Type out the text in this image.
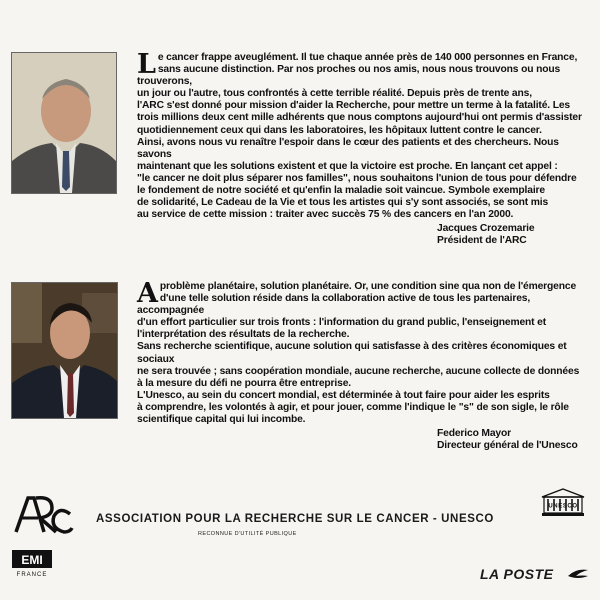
L e cancer frappe aveuglément. Il tue chaque année près de 140 000 personnes en France,
sans aucune distinction. Par nos proches ou nos amis, nous nous trouvons ou nous trouverons,
un jour ou l'autre, tous confrontés à cette terrible réalité. Depuis près de trente ans,
l'ARC s'est donné pour mission d'aider la Recherche, pour mettre un terme à la fatalité. Les
trois millions deux cent mille adhérents que nous comptons aujourd'hui ont permis d'assister
quotidiennement ceux qui dans les laboratoires, les hôpitaux luttent contre le cancer.
Ainsi, avons nous vu renaître l'espoir dans le cœur des patients et des chercheurs. Nous savons
maintenant que les solutions existent et que la victoire est proche. En lançant cet appel :
"le cancer ne doit plus séparer nos familles", nous souhaitons l'union de tous pour défendre
le fondement de notre société et qu'enfin la maladie soit vaincue. Symbole exemplaire
de solidarité, Le Cadeau de la Vie et tous les artistes qui s'y sont associés, se sont mis
au service de cette mission : traiter avec succès 75 % des cancers en l'an 2000.

Jacques Crozemarie
Président de l'ARC

A problème planétaire, solution planétaire. Or, une condition sine qua non de l'émergence
d'une telle solution réside dans la collaboration active de tous les partenaires, accompagnée
d'un effort particulier sur trois fronts : l'information du grand public, l'enseignement et
l'interprétation des résultats de la recherche.
Sans recherche scientifique, aucune solution qui satisfasse à des critères économiques et sociaux
ne sera trouvée ; sans coopération mondiale, aucune recherche, aucune collecte de données
à la mesure du défi ne pourra être entreprise.
L'Unesco, au sein du concert mondial, est déterminée à tout faire pour aider les esprits
à comprendre, les volontés à agir, et pour jouer, comme l'indique le "s" de son sigle, le rôle
scientifique capital qui lui incombe.

Federico Mayor
Directeur général de l'Unesco
EMI
FRANCE
ASSOCIATION POUR LA RECHERCHE SUR LE CANCER - UNESCO
RECONNUE D'UTILITÉ PUBLIQUE
UNESCO
LA POSTE
